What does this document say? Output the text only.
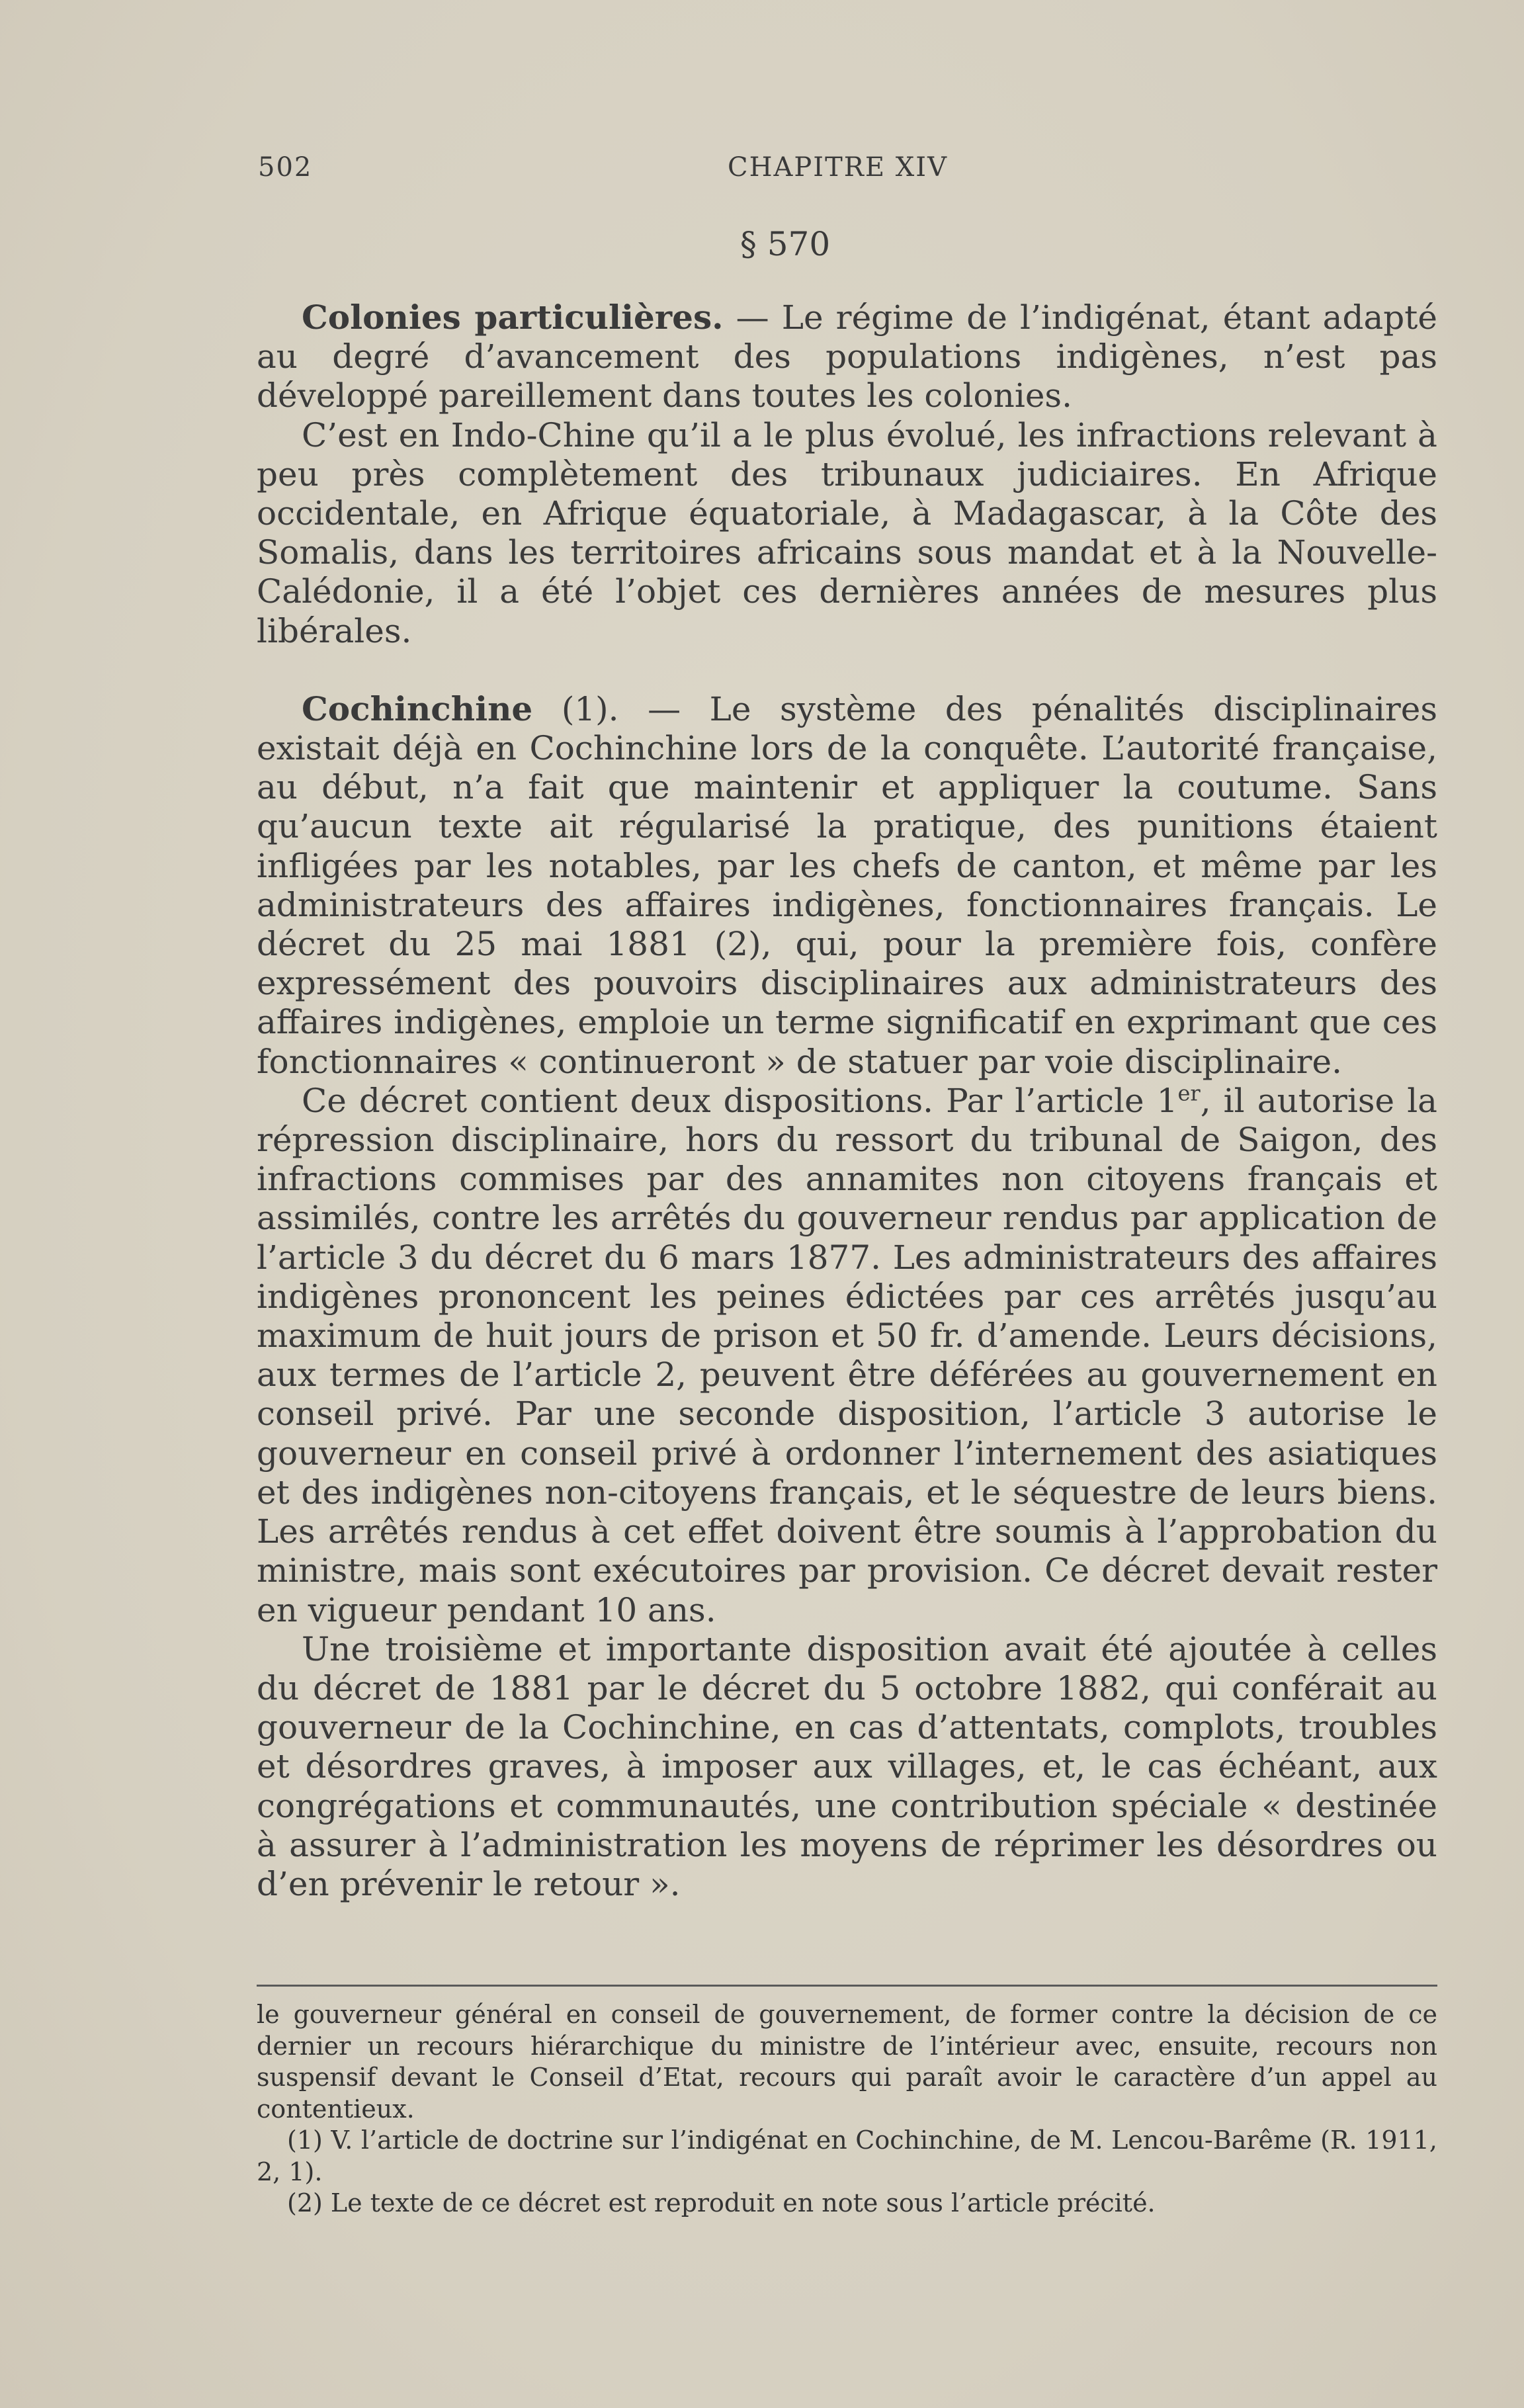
502	CHAPITRE XIV
§ 570

Colonies particulières. — Le régime de l’indigénat, étant adapté au degré d’avancement des populations indigènes, n’est pas développé pareillement dans toutes les colonies.

C’est en Indo-Chine qu’il a le plus évolué, les infractions relevant à peu près complètement des tribunaux judiciaires. En Afrique occidentale, en Afrique équatoriale, à Madagascar, à la Côte des Somalis, dans les territoires africains sous mandat et à la Nouvelle-Calédonie, il a été l’objet ces dernières années de mesures plus libérales.

Cochinchine (1). — Le système des pénalités disciplinaires existait déjà en Cochinchine lors de la conquête. L’autorité française, au début, n’a fait que maintenir et appliquer la coutume. Sans qu’aucun texte ait régularisé la pratique, des punitions étaient infligées par les notables, par les chefs de canton, et même par les administrateurs des affaires indigènes, fonctionnaires français. Le décret du 25 mai 1881 (2), qui, pour la première fois, confère expressément des pouvoirs disciplinaires aux administrateurs des affaires indigènes, emploie un terme significatif en exprimant que ces fonctionnaires « continueront » de statuer par voie disciplinaire.

Ce décret contient deux dispositions. Par l’article 1er, il autorise la répression disciplinaire, hors du ressort du tribunal de Saigon, des infractions commises par des annamites non citoyens français et assimilés, contre les arrêtés du gouverneur rendus par application de l’article 3 du décret du 6 mars 1877. Les administrateurs des affaires indigènes prononcent les peines édictées par ces arrêtés jusqu’au maximum de huit jours de prison et 50 fr. d’amende. Leurs décisions, aux termes de l’article 2, peuvent être déférées au gouvernement en conseil privé. Par une seconde disposition, l’article 3 autorise le gouverneur en conseil privé à ordonner l’internement des asiatiques et des indigènes non-citoyens français, et le séquestre de leurs biens. Les arrêtés rendus à cet effet doivent être soumis à l’approbation du ministre, mais sont exécutoires par provision. Ce décret devait rester en vigueur pendant 10 ans.

Une troisième et importante disposition avait été ajoutée à celles du décret de 1881 par le décret du 5 octobre 1882, qui conférait au gouverneur de la Cochinchine, en cas d’attentats, complots, troubles et désordres graves, à imposer aux villages, et, le cas échéant, aux congrégations et communautés, une contribution spéciale « destinée à assurer à l’administration les moyens de réprimer les désordres ou d’en prévenir le retour ».

le gouverneur général en conseil de gouvernement, de former contre la décision de ce dernier un recours hiérarchique du ministre de l’intérieur avec, ensuite, recours non suspensif devant le Conseil d’Etat, recours qui paraît avoir le caractère d’un appel au contentieux.

(1) V. l’article de doctrine sur l’indigénat en Cochinchine, de M. Lencou-Barême (R. 1911, 2, 1).

(2) Le texte de ce décret est reproduit en note sous l’article précité.
